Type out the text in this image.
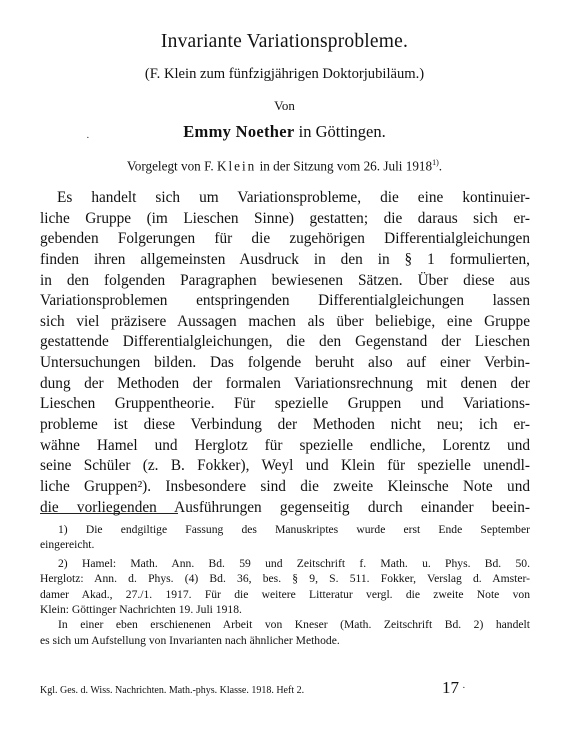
Invariante Variationsprobleme.
(F. Klein zum fünfzigjährigen Doktorjubiläum.)
Von
Emmy Noether in Göttingen.
·
Vorgelegt von F. Klein in der Sitzung vom 26. Juli 1918$^{1)}$.
Es handelt sich um Variationsprobleme, die eine kontinuier-
liche Gruppe (im Lieschen Sinne) gestatten; die daraus sich er-
gebenden Folgerungen für die zugehörigen Differentialgleichungen
finden ihren allgemeinsten Ausdruck in den in § 1 formulierten,
in den folgenden Paragraphen bewiesenen Sätzen. Über diese aus
Variationsproblemen entspringenden Differentialgleichungen lassen
sich viel präzisere Aussagen machen als über beliebige, eine Gruppe
gestattende Differentialgleichungen, die den Gegenstand der Lieschen
Untersuchungen bilden. Das folgende beruht also auf einer Verbin-
dung der Methoden der formalen Variationsrechnung mit denen der
Lieschen Gruppentheorie. Für spezielle Gruppen und Variations-
probleme ist diese Verbindung der Methoden nicht neu; ich er-
wähne Hamel und Herglotz für spezielle endliche, Lorentz und
seine Schüler (z. B. Fokker), Weyl und Klein für spezielle unendl-
liche Gruppen²). Insbesondere sind die zweite Kleinsche Note und
die vorliegenden Ausführungen gegenseitig durch einander beein-
1) Die endgiltige Fassung des Manuskriptes wurde erst Ende September
eingereicht.
2) Hamel: Math. Ann. Bd. 59 und Zeitschrift f. Math. u. Phys. Bd. 50.
Herglotz: Ann. d. Phys. (4) Bd. 36, bes. § 9, S. 511. Fokker, Verslag d. Amster-
damer Akad., 27./1. 1917. Für die weitere Litteratur vergl. die zweite Note von
Klein: Göttinger Nachrichten 19. Juli 1918.
In einer eben erschienenen Arbeit von Kneser (Math. Zeitschrift Bd. 2) handelt
es sich um Aufstellung von Invarianten nach ähnlicher Methode.
Kgl. Ges. d. Wiss. Nachrichten. Math.-phys. Klasse. 1918. Heft 2.	17 ·
